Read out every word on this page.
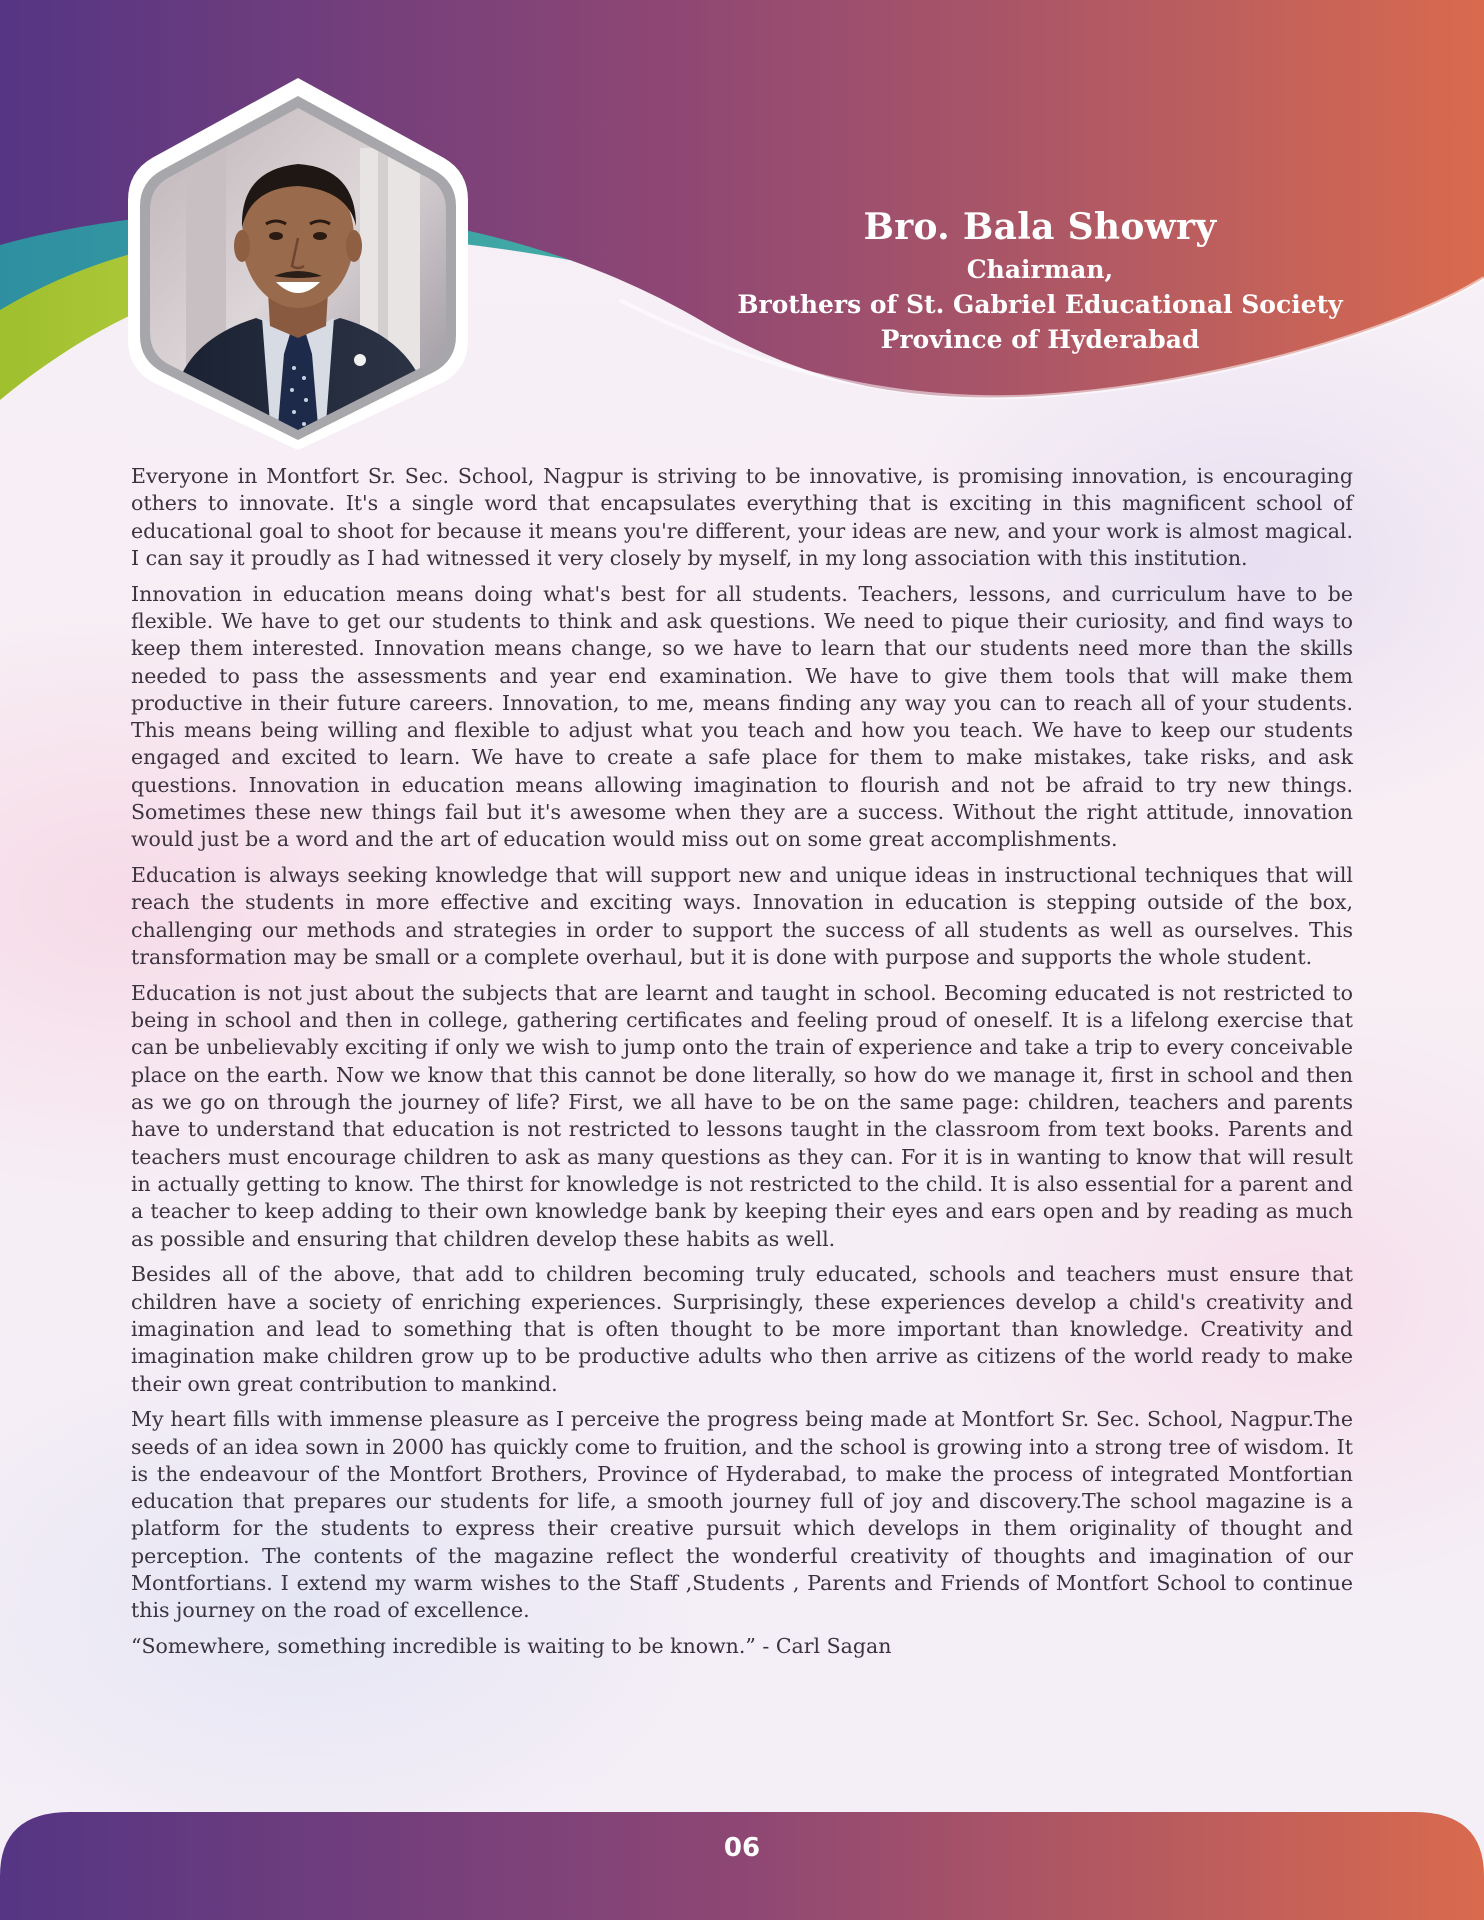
Bro. Bala Showry
Chairman,
Brothers of St. Gabriel Educational Society
Province of Hyderabad

Everyone in Montfort Sr. Sec. School, Nagpur is striving to be innovative, is promising innovation, is encouraging others to innovate. It's a single word that encapsulates everything that is exciting in this magnificent school of educational goal to shoot for because it means you're different, your ideas are new, and your work is almost magical. I can say it proudly as I had witnessed it very closely by myself, in my long association with this institution.

Innovation in education means doing what's best for all students. Teachers, lessons, and curriculum have to be flexible. We have to get our students to think and ask questions. We need to pique their curiosity, and find ways to keep them interested. Innovation means change, so we have to learn that our students need more than the skills needed to pass the assessments and year end examination. We have to give them tools that will make them productive in their future careers. Innovation, to me, means finding any way you can to reach all of your students. This means being willing and flexible to adjust what you teach and how you teach. We have to keep our students engaged and excited to learn. We have to create a safe place for them to make mistakes, take risks, and ask questions. Innovation in education means allowing imagination to flourish and not be afraid to try new things. Sometimes these new things fail but it's awesome when they are a success. Without the right attitude, innovation would just be a word and the art of education would miss out on some great accomplishments.

Education is always seeking knowledge that will support new and unique ideas in instructional techniques that will reach the students in more effective and exciting ways. Innovation in education is stepping outside of the box, challenging our methods and strategies in order to support the success of all students as well as ourselves. This transformation may be small or a complete overhaul, but it is done with purpose and supports the whole student.

Education is not just about the subjects that are learnt and taught in school. Becoming educated is not restricted to being in school and then in college, gathering certificates and feeling proud of oneself. It is a lifelong exercise that can be unbelievably exciting if only we wish to jump onto the train of experience and take a trip to every conceivable place on the earth. Now we know that this cannot be done literally, so how do we manage it, first in school and then as we go on through the journey of life? First, we all have to be on the same page: children, teachers and parents have to understand that education is not restricted to lessons taught in the classroom from text books. Parents and teachers must encourage children to ask as many questions as they can. For it is in wanting to know that will result in actually getting to know. The thirst for knowledge is not restricted to the child. It is also essential for a parent and a teacher to keep adding to their own knowledge bank by keeping their eyes and ears open and by reading as much as possible and ensuring that children develop these habits as well.

Besides all of the above, that add to children becoming truly educated, schools and teachers must ensure that children have a society of enriching experiences. Surprisingly, these experiences develop a child's creativity and imagination and lead to something that is often thought to be more important than knowledge. Creativity and imagination make children grow up to be productive adults who then arrive as citizens of the world ready to make their own great contribution to mankind.

My heart fills with immense pleasure as I perceive the progress being made at Montfort Sr. Sec. School, Nagpur.The seeds of an idea sown in 2000 has quickly come to fruition, and the school is growing into a strong tree of wisdom. It is the endeavour of the Montfort Brothers, Province of Hyderabad, to make the process of integrated Montfortian education that prepares our students for life, a smooth journey full of joy and discovery.The school magazine is a platform for the students to express their creative pursuit which develops in them originality of thought and perception. The contents of the magazine reflect the wonderful creativity of thoughts and imagination of our Montfortians. I extend my warm wishes to the Staff ,Students , Parents and Friends of Montfort School to continue this journey on the road of excellence.

“Somewhere, something incredible is waiting to be known.” - Carl Sagan

06
